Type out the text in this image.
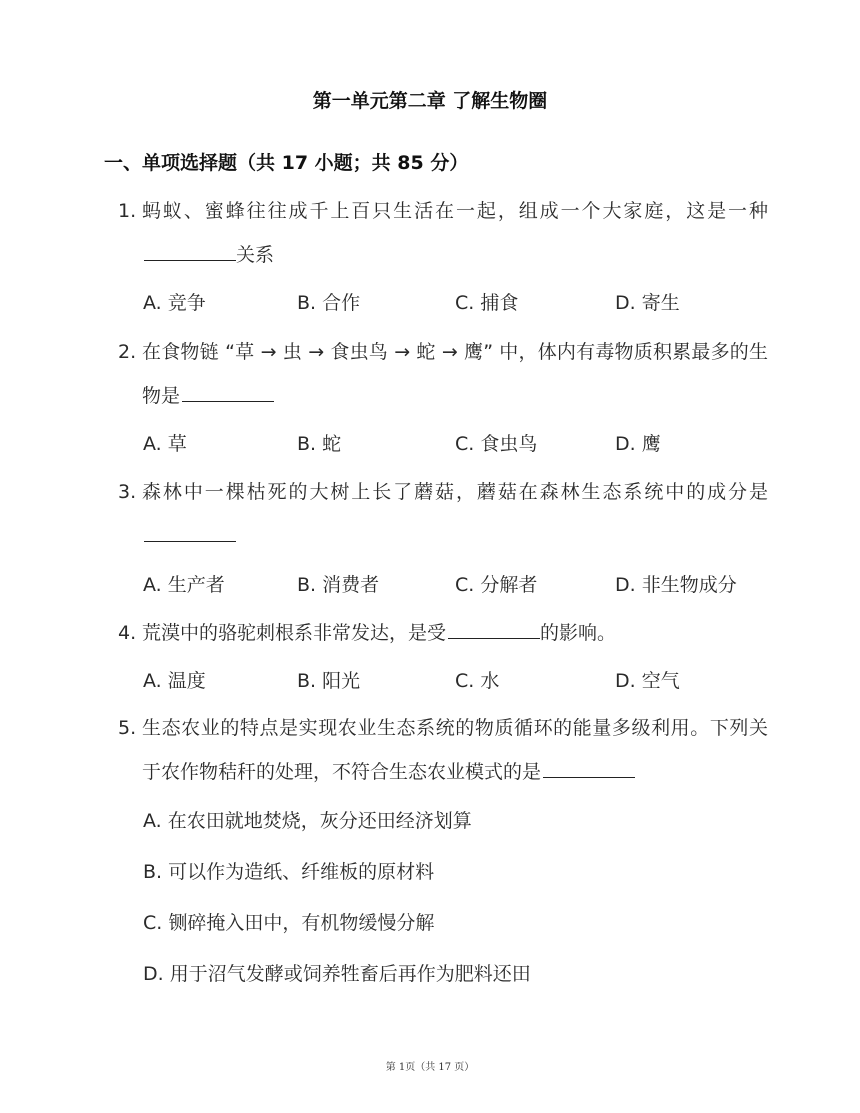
第一单元第二章 了解生物圈
一、单项选择题（共 17 小题；共 85 分）
1. 蚂蚁、蜜蜂往往成千上百只生活在一起，组成一个大家庭，这是一种关系
A. 竞争	B. 合作	C. 捕食	D. 寄生
2. 在食物链 “草 → 虫 → 食虫鸟 → 蛇 → 鹰” 中，体内有毒物质积累最多的生物是
A. 草	B. 蛇	C. 食虫鸟	D. 鹰
3. 森林中一棵枯死的大树上长了蘑菇，蘑菇在森林生态系统中的成分是
A. 生产者	B. 消费者	C. 分解者	D. 非生物成分
4. 荒漠中的骆驼刺根系非常发达，是受	的影响。
A. 温度	B. 阳光	C. 水	D. 空气
5. 生态农业的特点是实现农业生态系统的物质循环的能量多级利用。下列关于农作物秸秆的处理，不符合生态农业模式的是
A. 在农田就地焚烧，灰分还田经济划算
B. 可以作为造纸、纤维板的原材料
C. 铡碎掩入田中，有机物缓慢分解
D. 用于沼气发酵或饲养牲畜后再作为肥料还田
第 1页（共 17 页）
